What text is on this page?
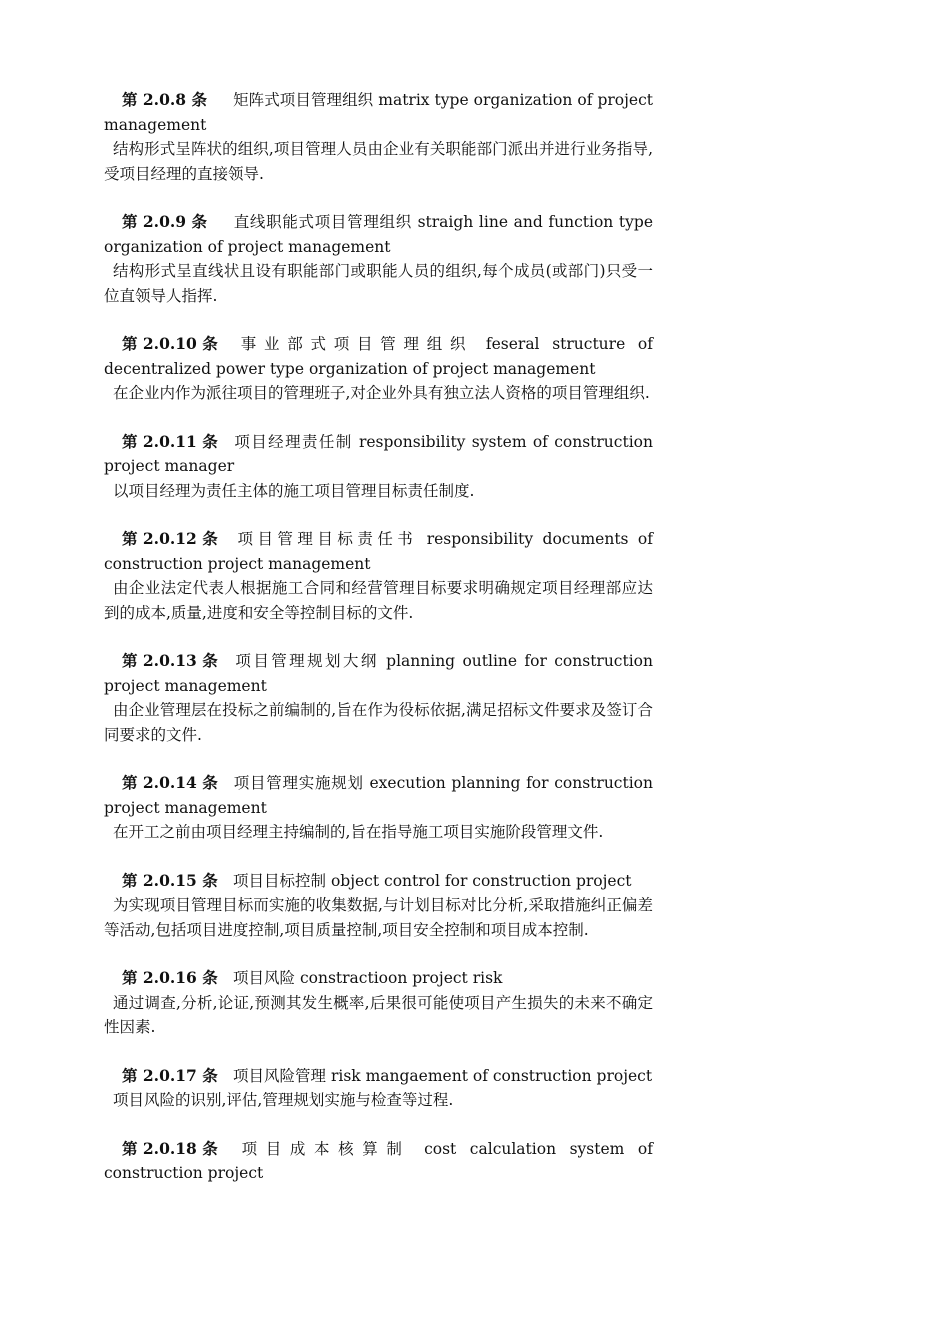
第 2.0.8 条 矩阵式项目管理组织 matrix type organization of project management

结构形式呈阵状的组织,项目管理人员由企业有关职能部门派出并进行业务指导,受项目经理的直接领导.

第 2.0.9 条 直线职能式项目管理组织 straigh line and function type organization of project management

结构形式呈直线状且设有职能部门或职能人员的组织,每个成员(或部门)只受一位直领导人指挥.

第 2.0.10 条 事业部式项目管理组织 feseral structure of decentralized power type organization of project management

在企业内作为派往项目的管理班子,对企业外具有独立法人资格的项目管理组织.

第 2.0.11 条 项目经理责任制 responsibility system of construction project manager

以项目经理为责任主体的施工项目管理目标责任制度.

第 2.0.12 条 项目管理目标责任书 responsibility documents of construction project management

由企业法定代表人根据施工合同和经营管理目标要求明确规定项目经理部应达到的成本,质量,进度和安全等控制目标的文件.

第 2.0.13 条 项目管理规划大纲 planning outline for construction project management

由企业管理层在投标之前编制的,旨在作为役标依据,满足招标文件要求及签订合同要求的文件.

第 2.0.14 条 项目管理实施规划 execution planning for construction project management

在开工之前由项目经理主持编制的,旨在指导施工项目实施阶段管理文件.

第 2.0.15 条 项目目标控制 object control for construction project

为实现项目管理目标而实施的收集数据,与计划目标对比分析,采取措施纠正偏差等活动,包括项目进度控制,项目质量控制,项目安全控制和项目成本控制.

第 2.0.16 条 项目风险 constractioon project risk

通过调查,分析,论证,预测其发生概率,后果很可能使项目产生损失的未来不确定性因素.

第 2.0.17 条 项目风险管理 risk mangaement of construction project

项目风险的识别,评估,管理规划实施与检查等过程.

第 2.0.18 条 项目成本核算制 cost calculation system of construction project
